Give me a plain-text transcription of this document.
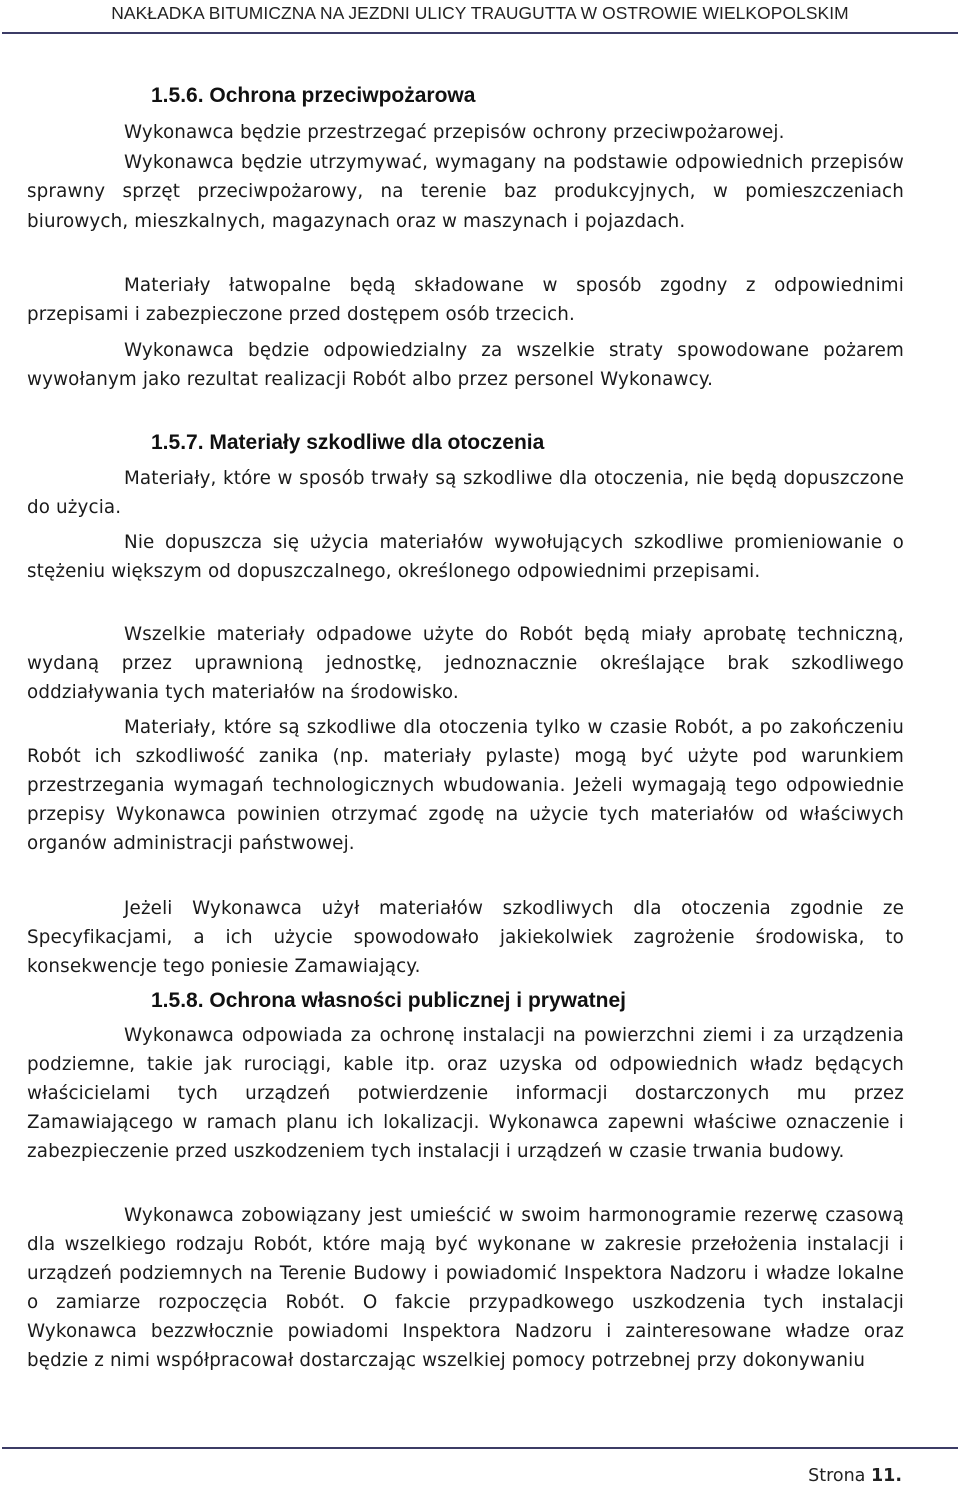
NAKŁADKA BITUMICZNA NA JEZDNI ULICY TRAUGUTTA W OSTROWIE WIELKOPOLSKIM
1.5.6. Ochrona przeciwpożarowa

Wykonawca będzie przestrzegać przepisów ochrony przeciwpożarowej.

Wykonawca będzie utrzymywać, wymagany na podstawie odpowiednich przepisów sprawny sprzęt przeciwpożarowy, na terenie baz produkcyjnych, w pomieszczeniach biurowych, mieszkalnych, magazynach oraz w maszynach i pojazdach.

Materiały łatwopalne będą składowane w sposób zgodny z odpowiednimi przepisami i zabezpieczone przed dostępem osób trzecich.

Wykonawca będzie odpowiedzialny za wszelkie straty spowodowane pożarem wywołanym jako rezultat realizacji Robót albo przez personel Wykonawcy.

1.5.7. Materiały szkodliwe dla otoczenia

Materiały, które w sposób trwały są szkodliwe dla otoczenia, nie będą dopuszczone do użycia.

Nie dopuszcza się użycia materiałów wywołujących szkodliwe promieniowanie o stężeniu większym od dopuszczalnego, określonego odpowiednimi przepisami.

Wszelkie materiały odpadowe użyte do Robót będą miały aprobatę techniczną, wydaną przez uprawnioną jednostkę, jednoznacznie określające brak szkodliwego oddziaływania tych materiałów na środowisko.

Materiały, które są szkodliwe dla otoczenia tylko w czasie Robót, a po zakończeniu Robót ich szkodliwość zanika (np. materiały pylaste) mogą być użyte pod warunkiem przestrzegania wymagań technologicznych wbudowania. Jeżeli wymagają tego odpowiednie przepisy Wykonawca powinien otrzymać zgodę na użycie tych materiałów od właściwych organów administracji państwowej.

Jeżeli Wykonawca użył materiałów szkodliwych dla otoczenia zgodnie ze Specyfikacjami, a ich użycie spowodowało jakiekolwiek zagrożenie środowiska, to konsekwencje tego poniesie Zamawiający.

1.5.8. Ochrona własności publicznej i prywatnej

Wykonawca odpowiada za ochronę instalacji na powierzchni ziemi i za urządzenia podziemne, takie jak rurociągi, kable itp. oraz uzyska od odpowiednich władz będących właścicielami tych urządzeń potwierdzenie informacji dostarczonych mu przez Zamawiającego w ramach planu ich lokalizacji. Wykonawca zapewni właściwe oznaczenie i zabezpieczenie przed uszkodzeniem tych instalacji i urządzeń w czasie trwania budowy.

Wykonawca zobowiązany jest umieścić w swoim harmonogramie rezerwę czasową dla wszelkiego rodzaju Robót, które mają być wykonane w zakresie przełożenia instalacji i urządzeń podziemnych na Terenie Budowy i powiadomić Inspektora Nadzoru i władze lokalne o zamiarze rozpoczęcia Robót. O fakcie przypadkowego uszkodzenia tych instalacji Wykonawca bezzwłocznie powiadomi Inspektora Nadzoru i zainteresowane władze oraz będzie z nimi współpracował dostarczając wszelkiej pomocy potrzebnej przy dokonywaniu

Strona 11.
